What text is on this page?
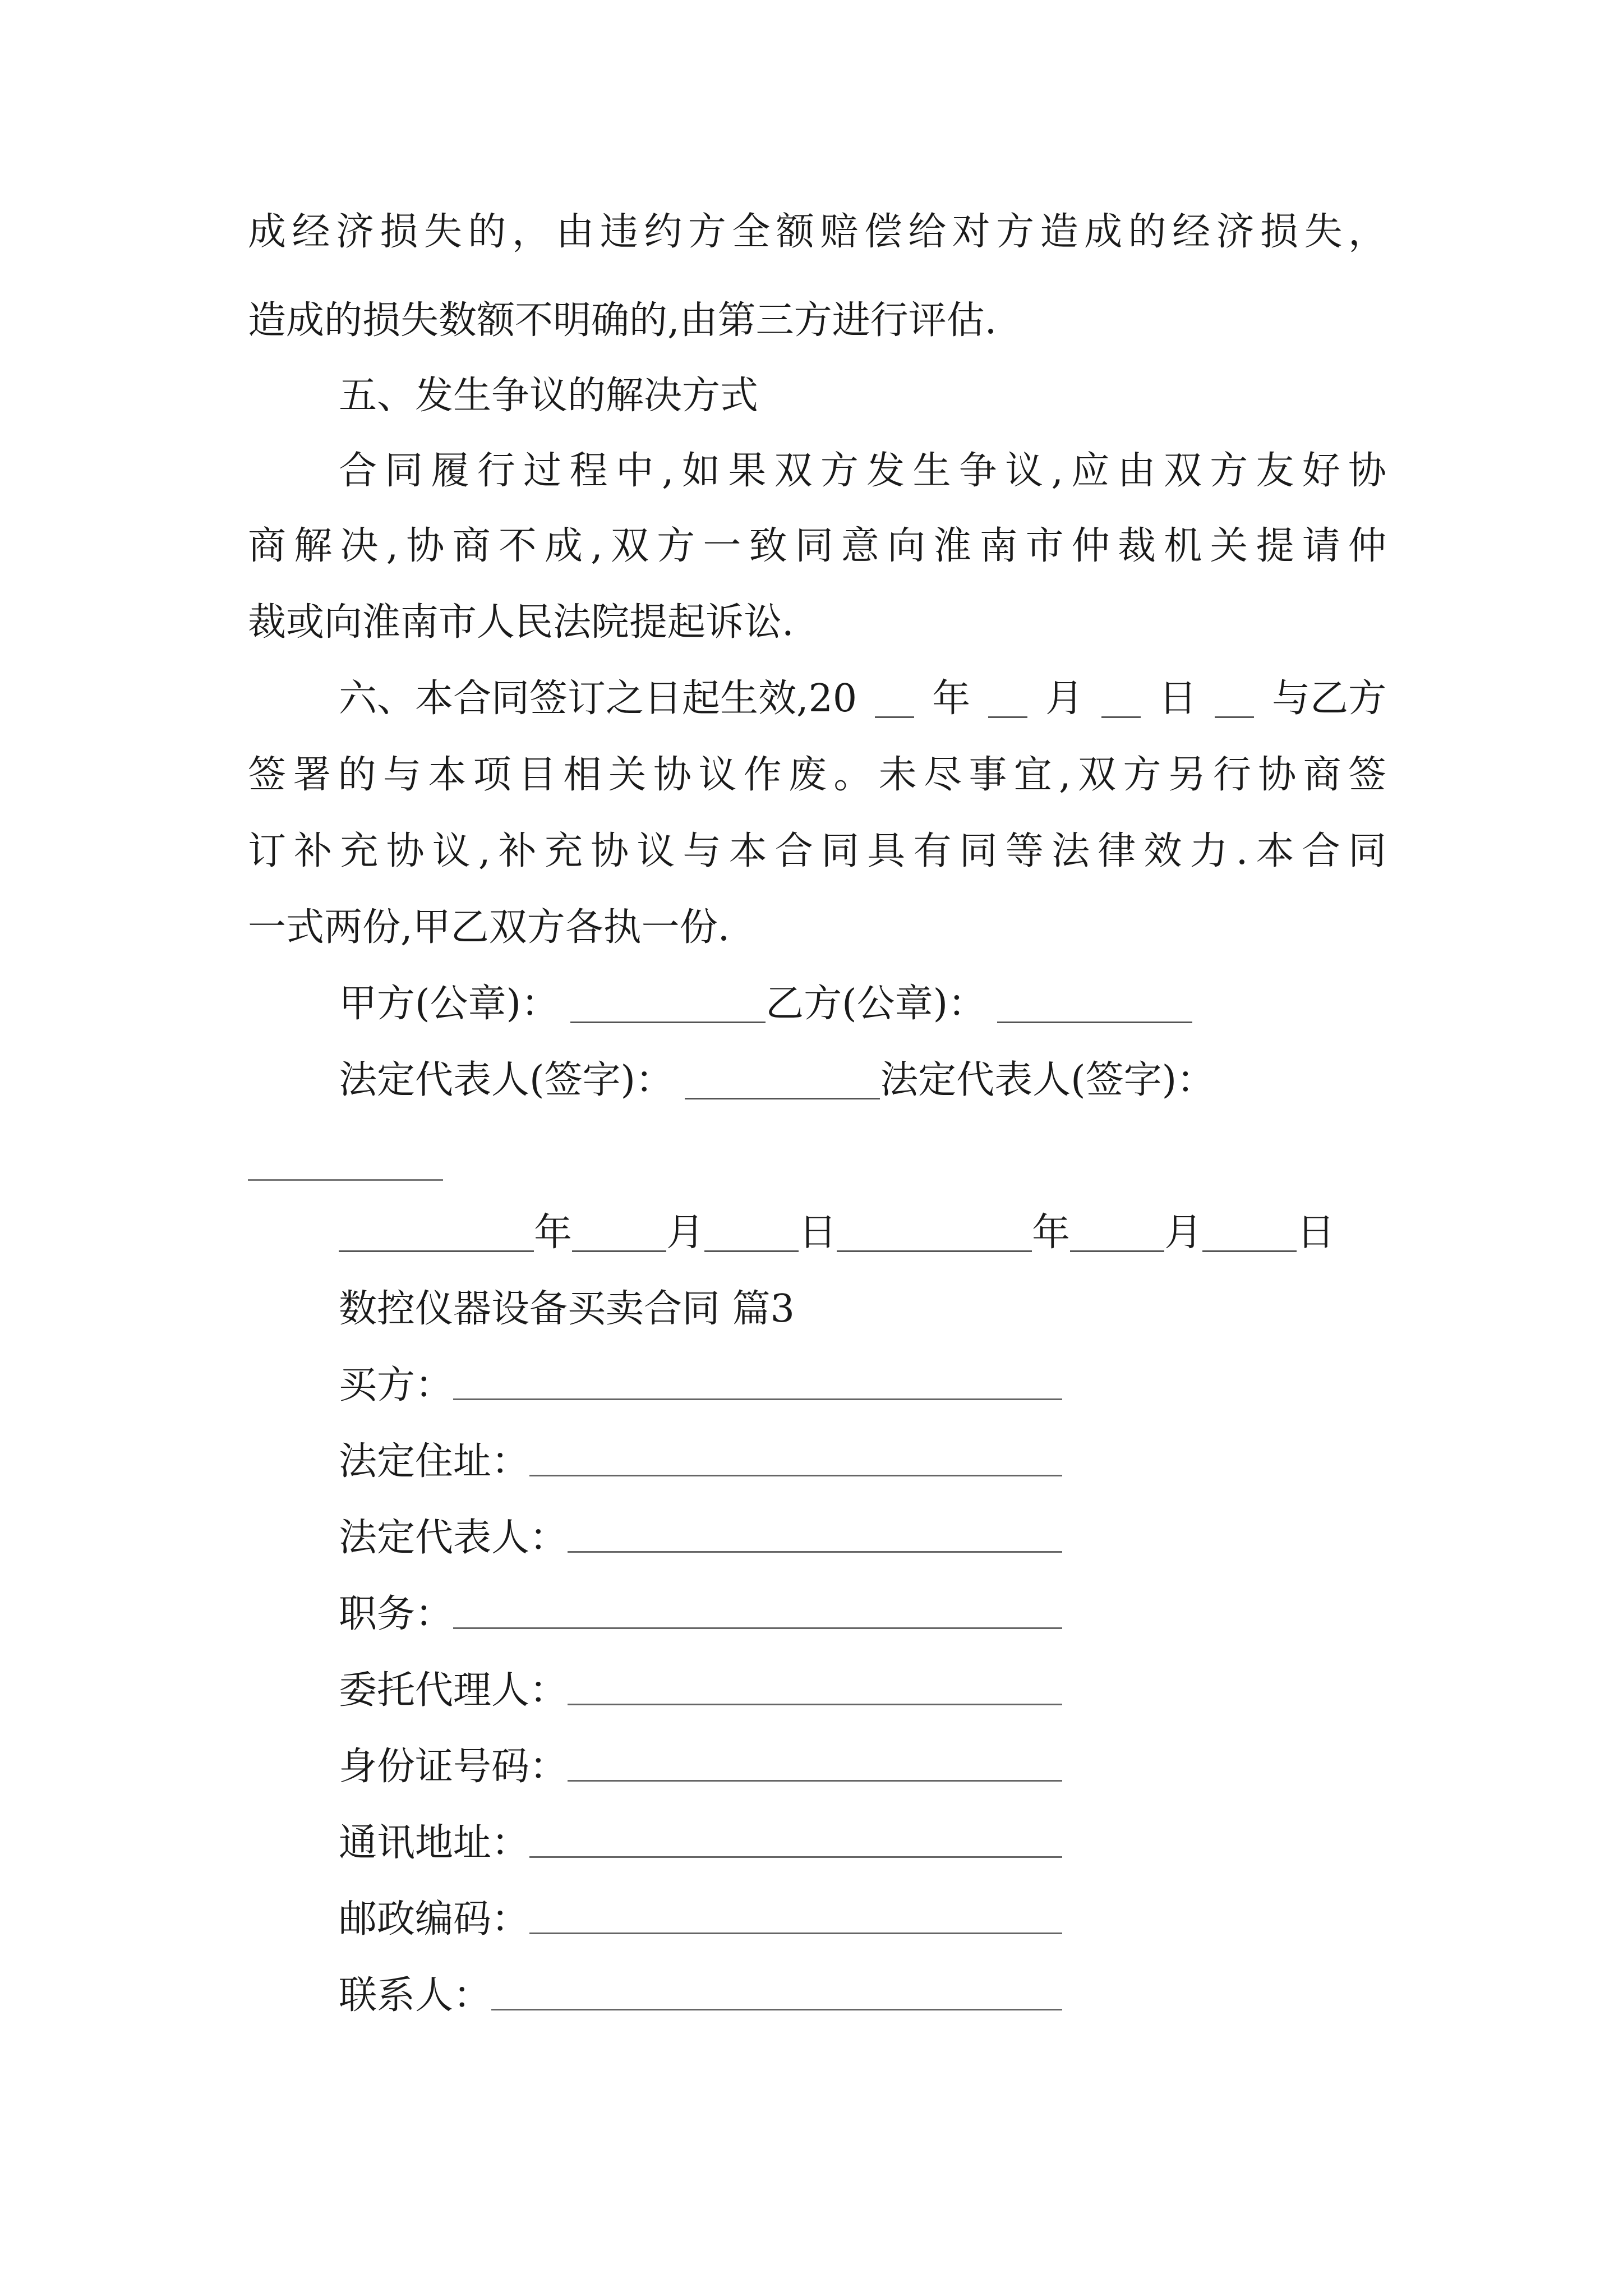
成经济损失的，由违约方全额赔偿给对方造成的经济损失，
造成的损失数额不明确的,由第三方进行评估.
五、发生争议的解决方式
合同履行过程中,如果双方发生争议,应由双方友好协
商解决,协商不成,双方一致同意向淮南市仲裁机关提请仲
裁或向淮南市人民法院提起诉讼.
六、本合同签订之日起生效,20 年 月 日 与乙方
签署的与本项目相关协议作废。未尽事宜,双方另行协商签
订补充协议,补充协议与本合同具有同等法律效力.本合同
一式两份,甲乙双方各执一份.
甲方(公章)：	乙方(公章)：
法定代表人(签字)：	法定代表人(签字)：
年 月 日	年 月 日
数控仪器设备买卖合同 篇3
买方：
法定住址：
法定代表人：
职务：
委托代理人：
身份证号码：
通讯地址：
邮政编码：
联系人：
